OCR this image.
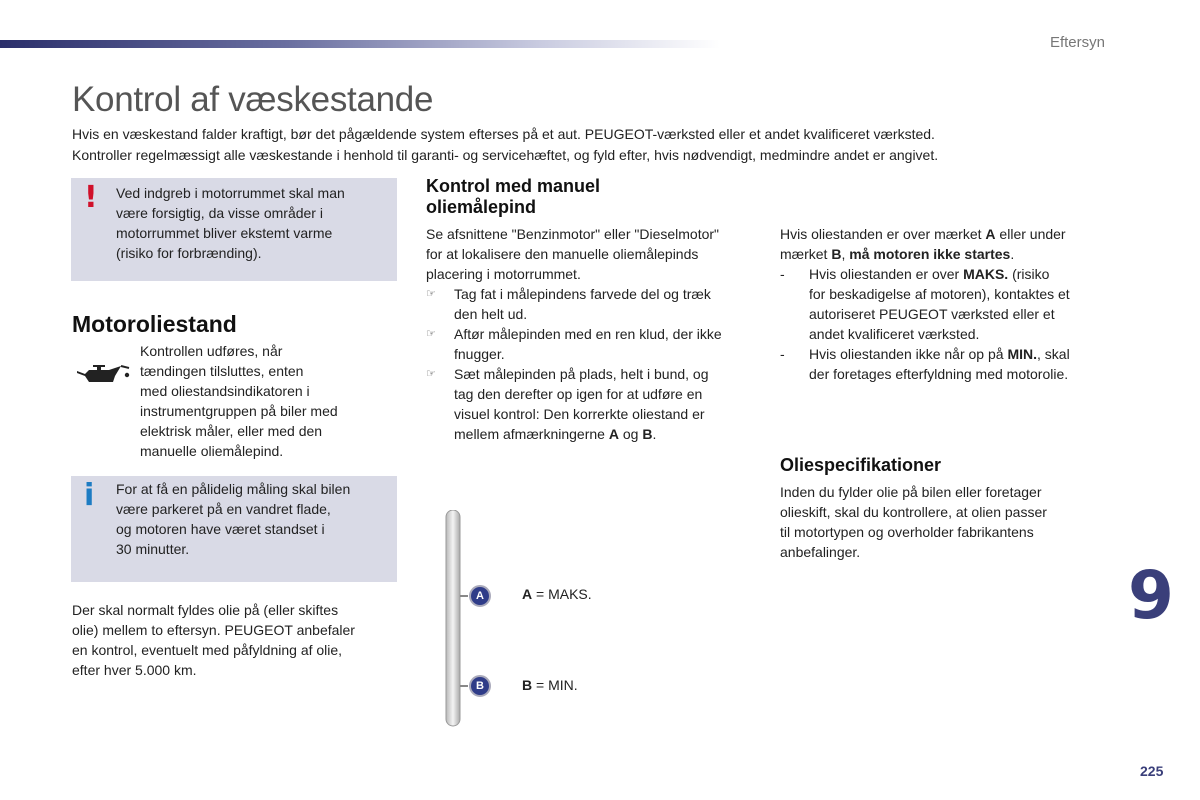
Eftersyn
Kontrol af væskestande
Hvis en væskestand falder kraftigt, bør det pågældende system efterses på et aut. PEUGEOT-værksted eller et andet kvalificeret værksted.
Kontroller regelmæssigt alle væskestande i henhold til garanti- og servicehæftet, og fyld efter, hvis nødvendigt, medmindre andet er angivet.
! Ved indgreb i motorrummet skal man
være forsigtig, da visse områder i
motorrummet bliver ekstemt varme
(risiko for forbrænding).
Motoroliestand
Kontrollen udføres, når
tændingen tilsluttes, enten
med oliestandsindikatoren i
instrumentgruppen på biler med
elektrisk måler, eller med den
manuelle oliemålepind.
i For at få en pålidelig måling skal bilen
være parkeret på en vandret flade,
og motoren have været standset i
30 minutter.
Der skal normalt fyldes olie på (eller skiftes
olie) mellem to eftersyn. PEUGEOT anbefaler
en kontrol, eventuelt med påfyldning af olie,
efter hver 5.000 km.
Kontrol med manuel
oliemålepind
Se afsnittene "Benzinmotor" eller "Dieselmotor"
for at lokalisere den manuelle oliemålepinds
placering i motorrummet.
☞ Tag fat i målepindens farvede del og træk
den helt ud.
☞ Aftør målepinden med en ren klud, der ikke
fnugger.
☞ Sæt målepinden på plads, helt i bund, og
tag den derefter op igen for at udføre en
visuel kontrol: Den korrerkte oliestand er
mellem afmærkningerne A og B.
A
B
A = MAKS.
B = MIN.
Hvis oliestanden er over mærket A eller under
mærket B, må motoren ikke startes.
- Hvis oliestanden er over MAKS. (risiko
for beskadigelse af motoren), kontaktes et
autoriseret PEUGEOT værksted eller et
andet kvalificeret værksted.
- Hvis oliestanden ikke når op på MIN., skal
der foretages efterfyldning med motorolie.
Oliespecifikationer
Inden du fylder olie på bilen eller foretager
olieskift, skal du kontrollere, at olien passer
til motortypen og overholder fabrikantens
anbefalinger.
9
225
